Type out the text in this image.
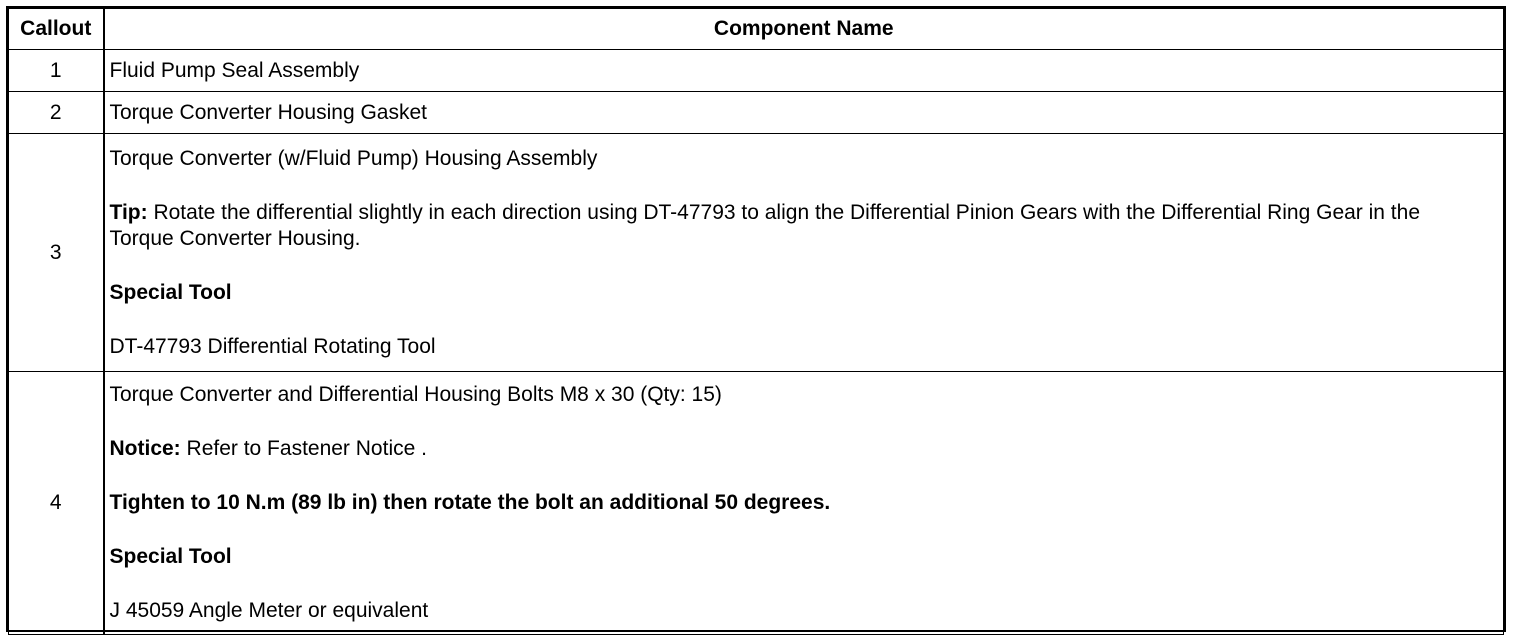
Callout	Component Name
1	Fluid Pump Seal Assembly
2	Torque Converter Housing Gasket
3	Torque Converter (w/Fluid Pump) Housing Assembly

Tip: Rotate the differential slightly in each direction using DT-47793 to align the Differential Pinion Gears with the Differential Ring Gear in the Torque Converter Housing.

Special Tool

DT-47793 Differential Rotating Tool

4	Torque Converter and Differential Housing Bolts M8 x 30 (Qty: 15)

Notice: Refer to Fastener Notice .

Tighten to 10 N.m (89 lb in) then rotate the bolt an additional 50 degrees.

Special Tool

J 45059 Angle Meter or equivalent
